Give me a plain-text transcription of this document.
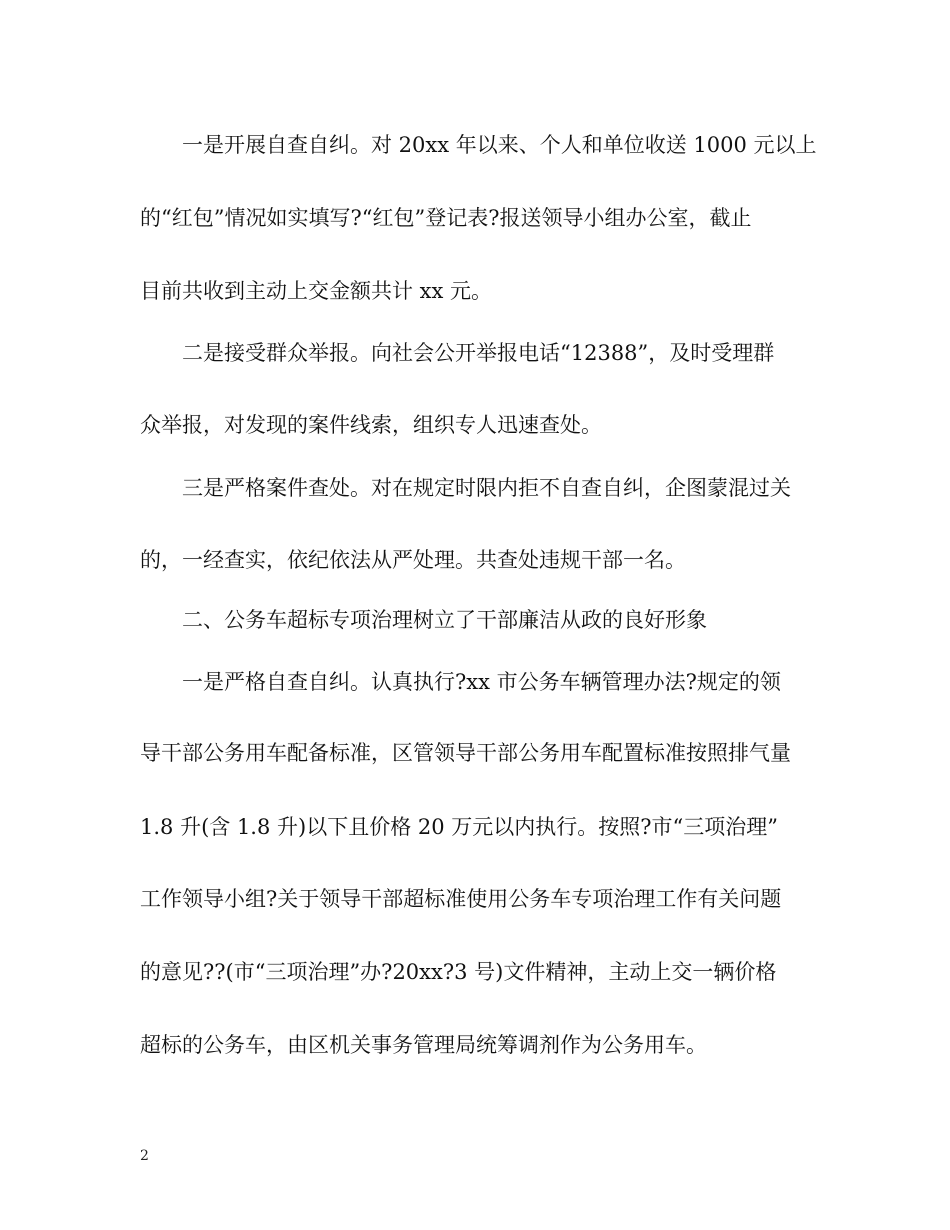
一是开展自查自纠。对 20xx 年以来、个人和单位收送 1000 元以上
的“红包”情况如实填写?“红包”登记表?报送领导小组办公室，截止
目前共收到主动上交金额共计 xx 元。
二是接受群众举报。向社会公开举报电话“12388”，及时受理群
众举报，对发现的案件线索，组织专人迅速查处。
三是严格案件查处。对在规定时限内拒不自查自纠，企图蒙混过关
的，一经查实，依纪依法从严处理。共查处违规干部一名。
二、公务车超标专项治理树立了干部廉洁从政的良好形象
一是严格自查自纠。认真执行?xx 市公务车辆管理办法?规定的领
导干部公务用车配备标准，区管领导干部公务用车配置标准按照排气量
1.8 升(含 1.8 升)以下且价格 20 万元以内执行。按照?市“三项治理”
工作领导小组?关于领导干部超标准使用公务车专项治理工作有关问题
的意见??(市“三项治理”办?20xx?3 号)文件精神，主动上交一辆价格
超标的公务车，由区机关事务管理局统筹调剂作为公务用车。
2
